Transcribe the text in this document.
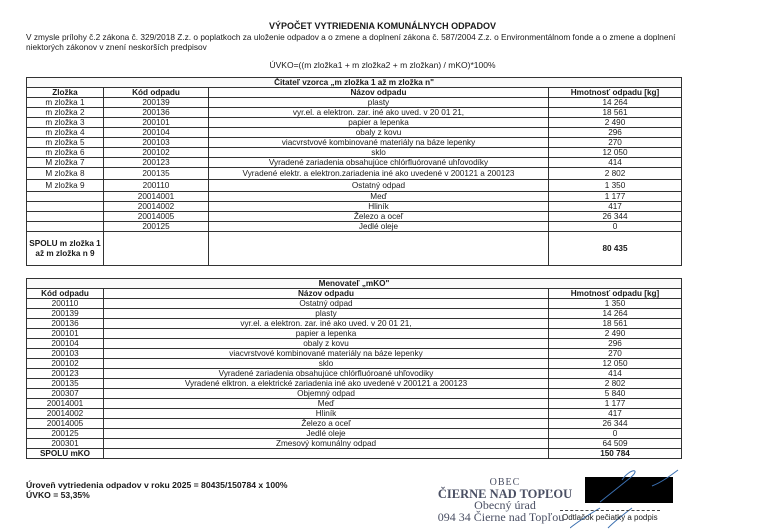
VÝPOČET VYTRIEDENIA KOMUNÁLNYCH ODPADOV
V zmysle prílohy č.2 zákona č. 329/2018 Z.z. o poplatkoch za uloženie odpadov a o zmene a doplnení zákona č. 587/2004 Z.z. o Environmentálnom fonde a o zmene a doplnení niektorých zákonov v znení neskorších predpisov
ÚVKO=((m zložka1 + m zložka2 + m zložkan) / mKO)*100%
Čitateľ vzorca „m zložka 1 až m zložka n"			
Zložka	Kód odpadu	Názov odpadu	Hmotnosť odpadu [kg]
m zložka 1	200139	plasty	14 264
m zložka 2	200136	vyr.el. a elektron. zar. iné ako uved. v 20 01 21,	18 561
m zložka 3	200101	papier a lepenka	2 490
m zložka 4	200104	obaly z kovu	296
m zložka 5	200103	viacvrstvové kombinované materiály na báze lepenky	270
m zložka 6	200102	sklo	12 050
M zložka 7	200123	Vyradené zariadenia obsahujúce chlórfluórované uhľovodíky	414
M zložka 8	200135	Vyradené elektr. a elektron.zariadenia iné ako uvedené v 200121 a 200123	2 802
M zložka 9	200110	Ostatný odpad	1 350
	20014001	Meď	1 177
	20014002	Hliník	417
	20014005	Železo a oceľ	26 344
	200125	Jedlé oleje	0
SPOLU m zložka 1 až m zložka n 9			80 435
Menovateľ „mKO"		
Kód odpadu	Názov odpadu	Hmotnosť odpadu [kg]
200110	Ostatný odpad	1 350
200139	plasty	14 264
200136	vyr.el. a elektron. zar. iné ako uved. v 20 01 21,	18 561
200101	papier a lepenka	2 490
200104	obaly z kovu	296
200103	viacvrstvové kombinované materiály na báze lepenky	270
200102	sklo	12 050
200123	Vyradené zariadenia obsahujúce chlórfluóroané uhľovodiky	414
200135	Vyradené elktron. a elektrické zariadenia iné ako uvedené v 200121 a 200123	2 802
200307	Objemný odpad	5 840
20014001	Meď	1 177
20014002	Hliník	417
20014005	Železo a oceľ	26 344
200125	Jedlé oleje	0
200301	Zmesový komunálny odpad	64 509
SPOLU mKO		150 784
Úroveň vytriedenia odpadov v roku 2025 = 80435/150784 x 100%
ÚVKO = 53,35%
OBEC
ČIERNE NAD TOPĽOU
Obecný úrad
094 34 Čierne nad Topľou
Odtlačok pečiatky a podpis
